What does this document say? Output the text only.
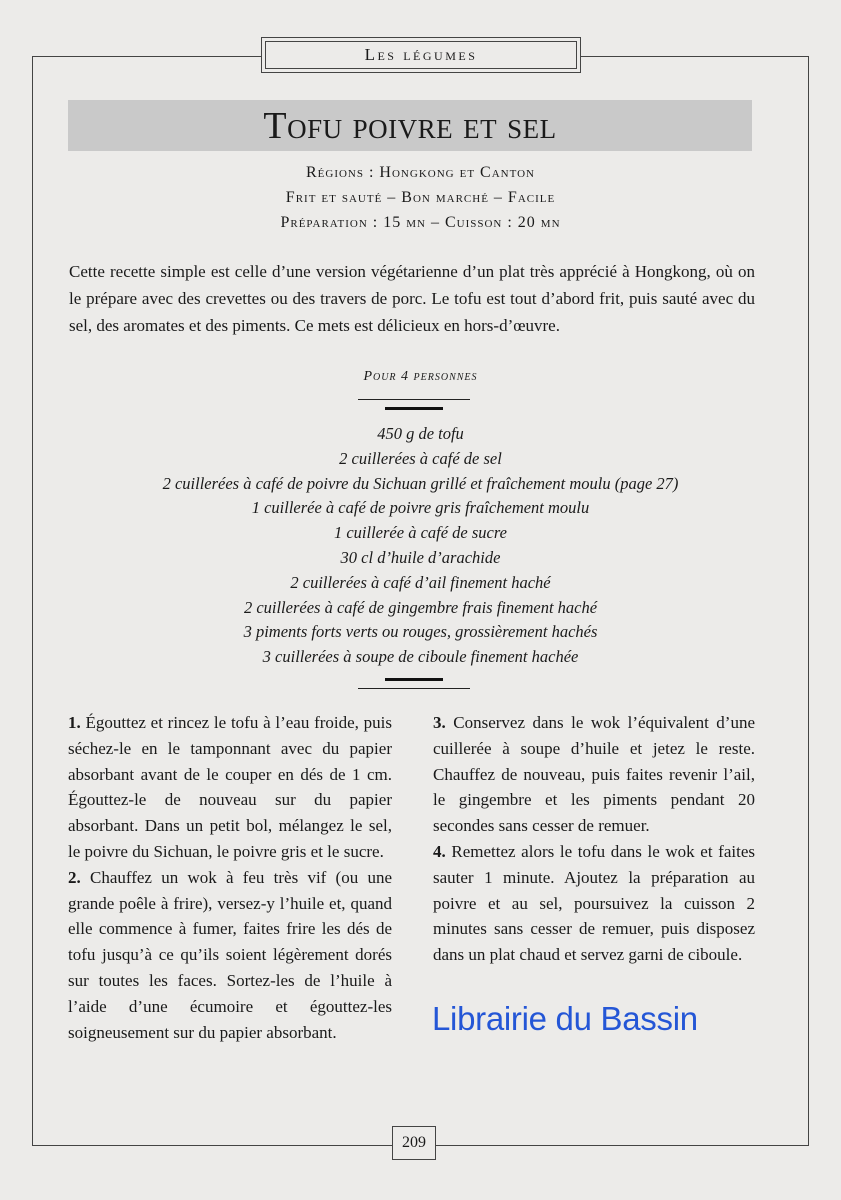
Les légumes
Tofu poivre et sel
Régions : Hongkong et Canton
Frit et sauté – Bon marché – Facile
Préparation : 15 mn – Cuisson : 20 mn

Cette recette simple est celle d’une version végétarienne d’un plat très apprécié à Hongkong, où on le prépare avec des crevettes ou des travers de porc. Le tofu est tout d’abord frit, puis sauté avec du sel, des aromates et des piments. Ce mets est délicieux en hors-d’œuvre.

Pour 4 personnes
450 g de tofu
2 cuillerées à café de sel
2 cuillerées à café de poivre du Sichuan grillé et fraîchement moulu (page 27)
1 cuillerée à café de poivre gris fraîchement moulu
1 cuillerée à café de sucre
30 cl d’huile d’arachide
2 cuillerées à café d’ail finement haché
2 cuillerées à café de gingembre frais finement haché
3 piments forts verts ou rouges, grossièrement hachés
3 cuillerées à soupe de ciboule finement hachée

1. Égouttez et rincez le tofu à l’eau froide, puis séchez-le en le tamponnant avec du papier absorbant avant de le couper en dés de 1 cm. Égouttez-le de nouveau sur du papier absorbant. Dans un petit bol, mélangez le sel, le poivre du Sichuan, le poivre gris et le sucre.

2. Chauffez un wok à feu très vif (ou une grande poêle à frire), versez-y l’huile et, quand elle commence à fumer, faites frire les dés de tofu jusqu’à ce qu’ils soient légèrement dorés sur toutes les faces. Sortez-les de l’huile à l’aide d’une écumoire et égouttez-les soigneusement sur du papier absorbant.

3. Conservez dans le wok l’équivalent d’une cuillerée à soupe d’huile et jetez le reste. Chauffez de nouveau, puis faites revenir l’ail, le gingembre et les piments pendant 20 secondes sans cesser de remuer.

4. Remettez alors le tofu dans le wok et faites sauter 1 minute. Ajoutez la préparation au poivre et au sel, poursuivez la cuisson 2 minutes sans cesser de remuer, puis disposez dans un plat chaud et servez garni de ciboule.

Librairie du Bassin
209
